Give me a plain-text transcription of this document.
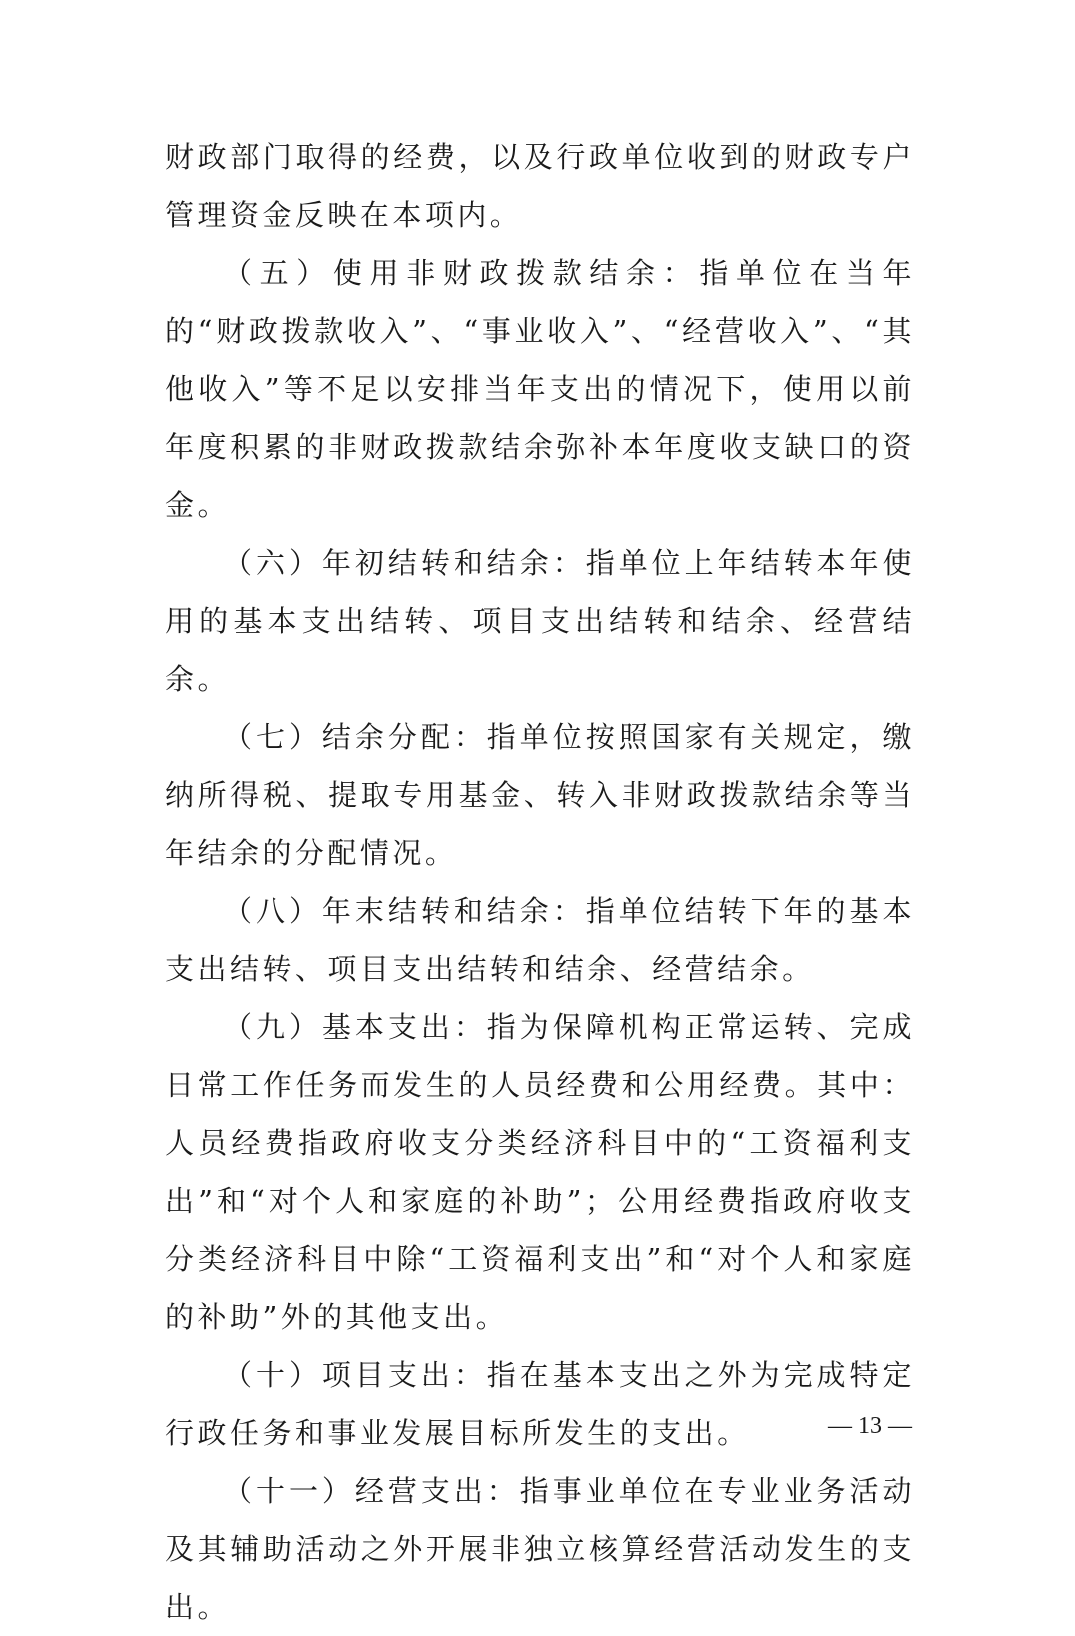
财政部门取得的经费，以及行政单位收到的财政专户管理资金反映在本项内。

（五）使用非财政拨款结余：指单位在当年的“财政拨款收入”、“事业收入”、“经营收入”、“其他收入”等不足以安排当年支出的情况下，使用以前年度积累的非财政拨款结余弥补本年度收支缺口的资金。

（六）年初结转和结余：指单位上年结转本年使用的基本支出结转、项目支出结转和结余、经营结余。

（七）结余分配：指单位按照国家有关规定，缴纳所得税、提取专用基金、转入非财政拨款结余等当年结余的分配情况。

（八）年末结转和结余：指单位结转下年的基本支出结转、项目支出结转和结余、经营结余。

（九）基本支出：指为保障机构正常运转、完成日常工作任务而发生的人员经费和公用经费。其中：人员经费指政府收支分类经济科目中的“工资福利支出”和“对个人和家庭的补助”；公用经费指政府收支分类经济科目中除“工资福利支出”和“对个人和家庭的补助”外的其他支出。

（十）项目支出：指在基本支出之外为完成特定行政任务和事业发展目标所发生的支出。

（十一）经营支出：指事业单位在专业业务活动及其辅助活动之外开展非独立核算经营活动发生的支出。

— 13 —
